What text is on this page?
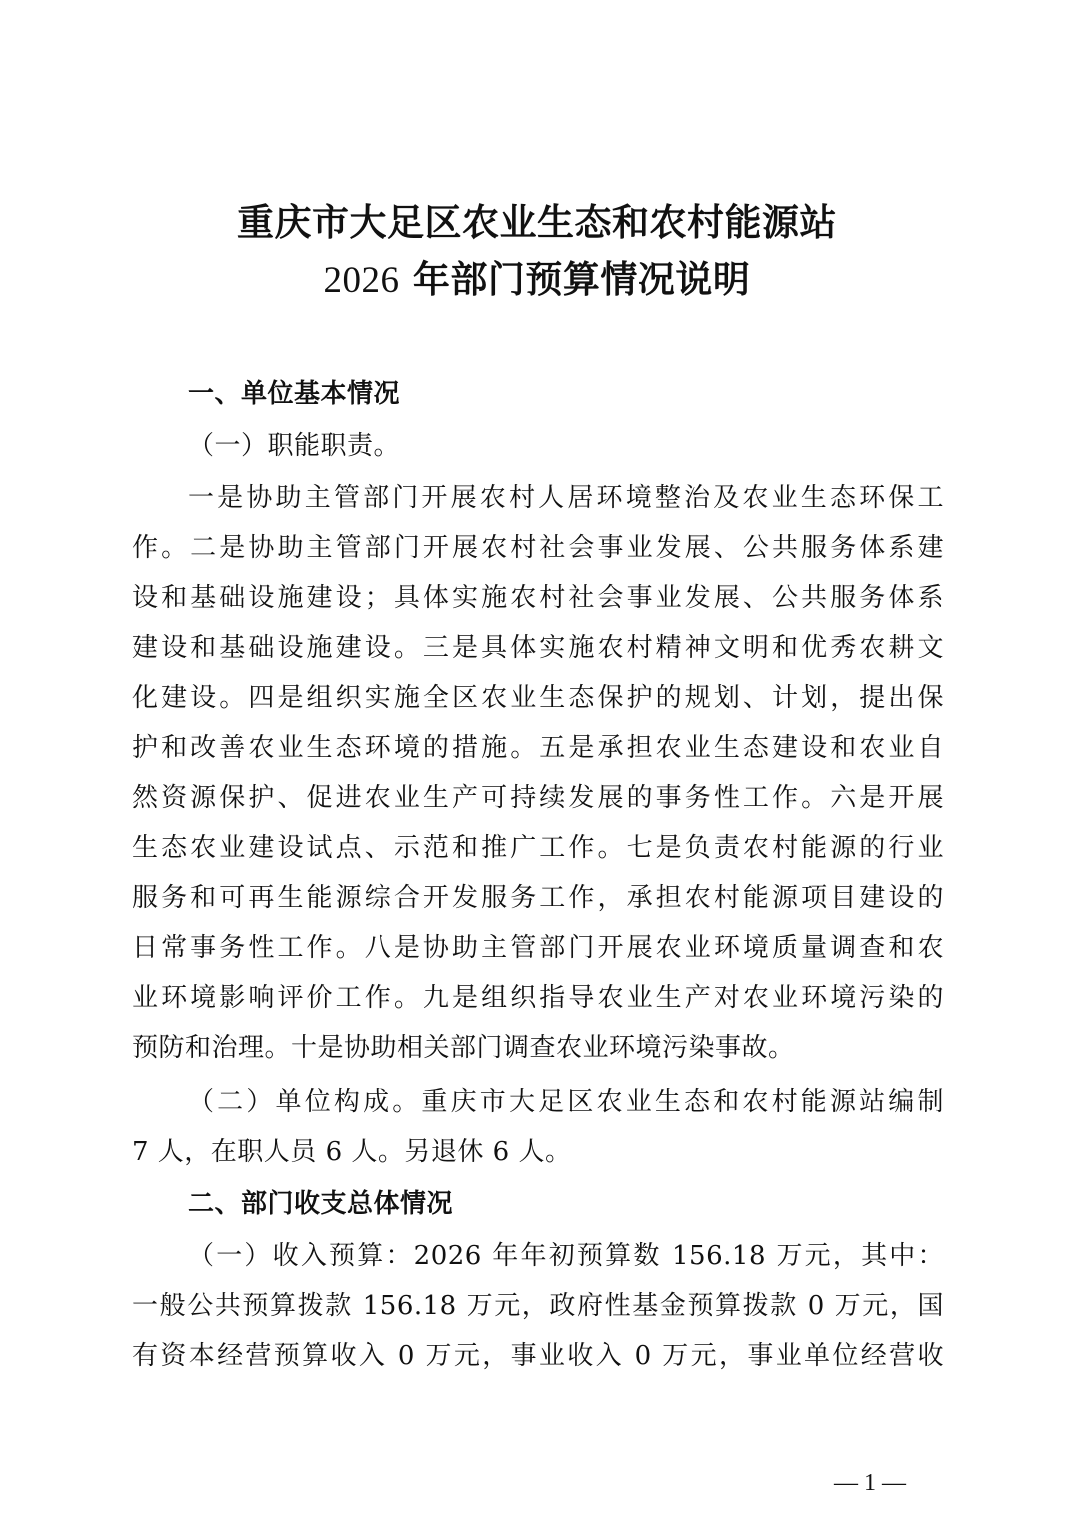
重庆市大足区农业生态和农村能源站
2026 年部门预算情况说明
一、单位基本情况
（一）职能职责。
一是协助主管部门开展农村人居环境整治及农业生态环保工
作。二是协助主管部门开展农村社会事业发展、公共服务体系建
设和基础设施建设；具体实施农村社会事业发展、公共服务体系
建设和基础设施建设。三是具体实施农村精神文明和优秀农耕文
化建设。四是组织实施全区农业生态保护的规划、计划，提出保
护和改善农业生态环境的措施。五是承担农业生态建设和农业自
然资源保护、促进农业生产可持续发展的事务性工作。六是开展
生态农业建设试点、示范和推广工作。七是负责农村能源的行业
服务和可再生能源综合开发服务工作，承担农村能源项目建设的
日常事务性工作。八是协助主管部门开展农业环境质量调查和农
业环境影响评价工作。九是组织指导农业生产对农业环境污染的
预防和治理。十是协助相关部门调查农业环境污染事故。
（二）单位构成。重庆市大足区农业生态和农村能源站编制
7 人，在职人员 6 人。另退休 6 人。
二、部门收支总体情况
（一）收入预算：2026 年年初预算数 156.18 万元，其中：
一般公共预算拨款 156.18 万元，政府性基金预算拨款 0 万元，国
有资本经营预算收入 0 万元，事业收入 0 万元，事业单位经营收
— 1 —
